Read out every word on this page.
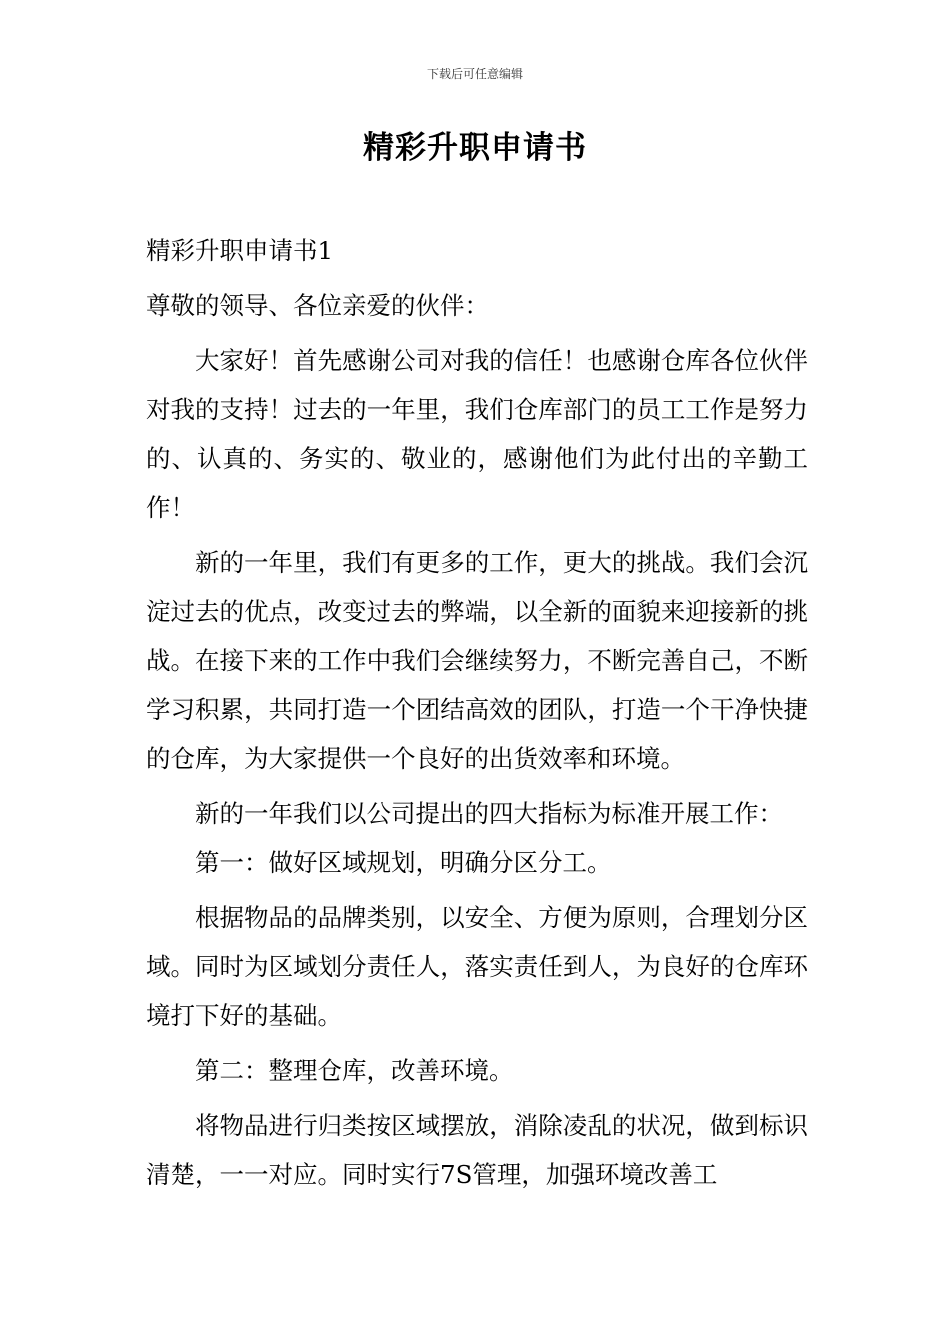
下载后可任意编辑
精彩升职申请书

精彩升职申请书1

尊敬的领导、各位亲爱的伙伴：

大家好！首先感谢公司对我的信任！也感谢仓库各位伙伴对我的支持！过去的一年里，我们仓库部门的员工工作是努力的、认真的、务实的、敬业的，感谢他们为此付出的辛勤工作！

新的一年里，我们有更多的工作，更大的挑战。我们会沉淀过去的优点，改变过去的弊端，以全新的面貌来迎接新的挑战。在接下来的工作中我们会继续努力，不断完善自己，不断学习积累，共同打造一个团结高效的团队，打造一个干净快捷的仓库，为大家提供一个良好的出货效率和环境。

新的一年我们以公司提出的四大指标为标准开展工作：

第一：做好区域规划，明确分区分工。

根据物品的品牌类别，以安全、方便为原则，合理划分区域。同时为区域划分责任人，落实责任到人，为良好的仓库环境打下好的基础。

第二：整理仓库，改善环境。

将物品进行归类按区域摆放，消除凌乱的状况，做到标识清楚，一一对应。同时实行7S管理，加强环境改善工
